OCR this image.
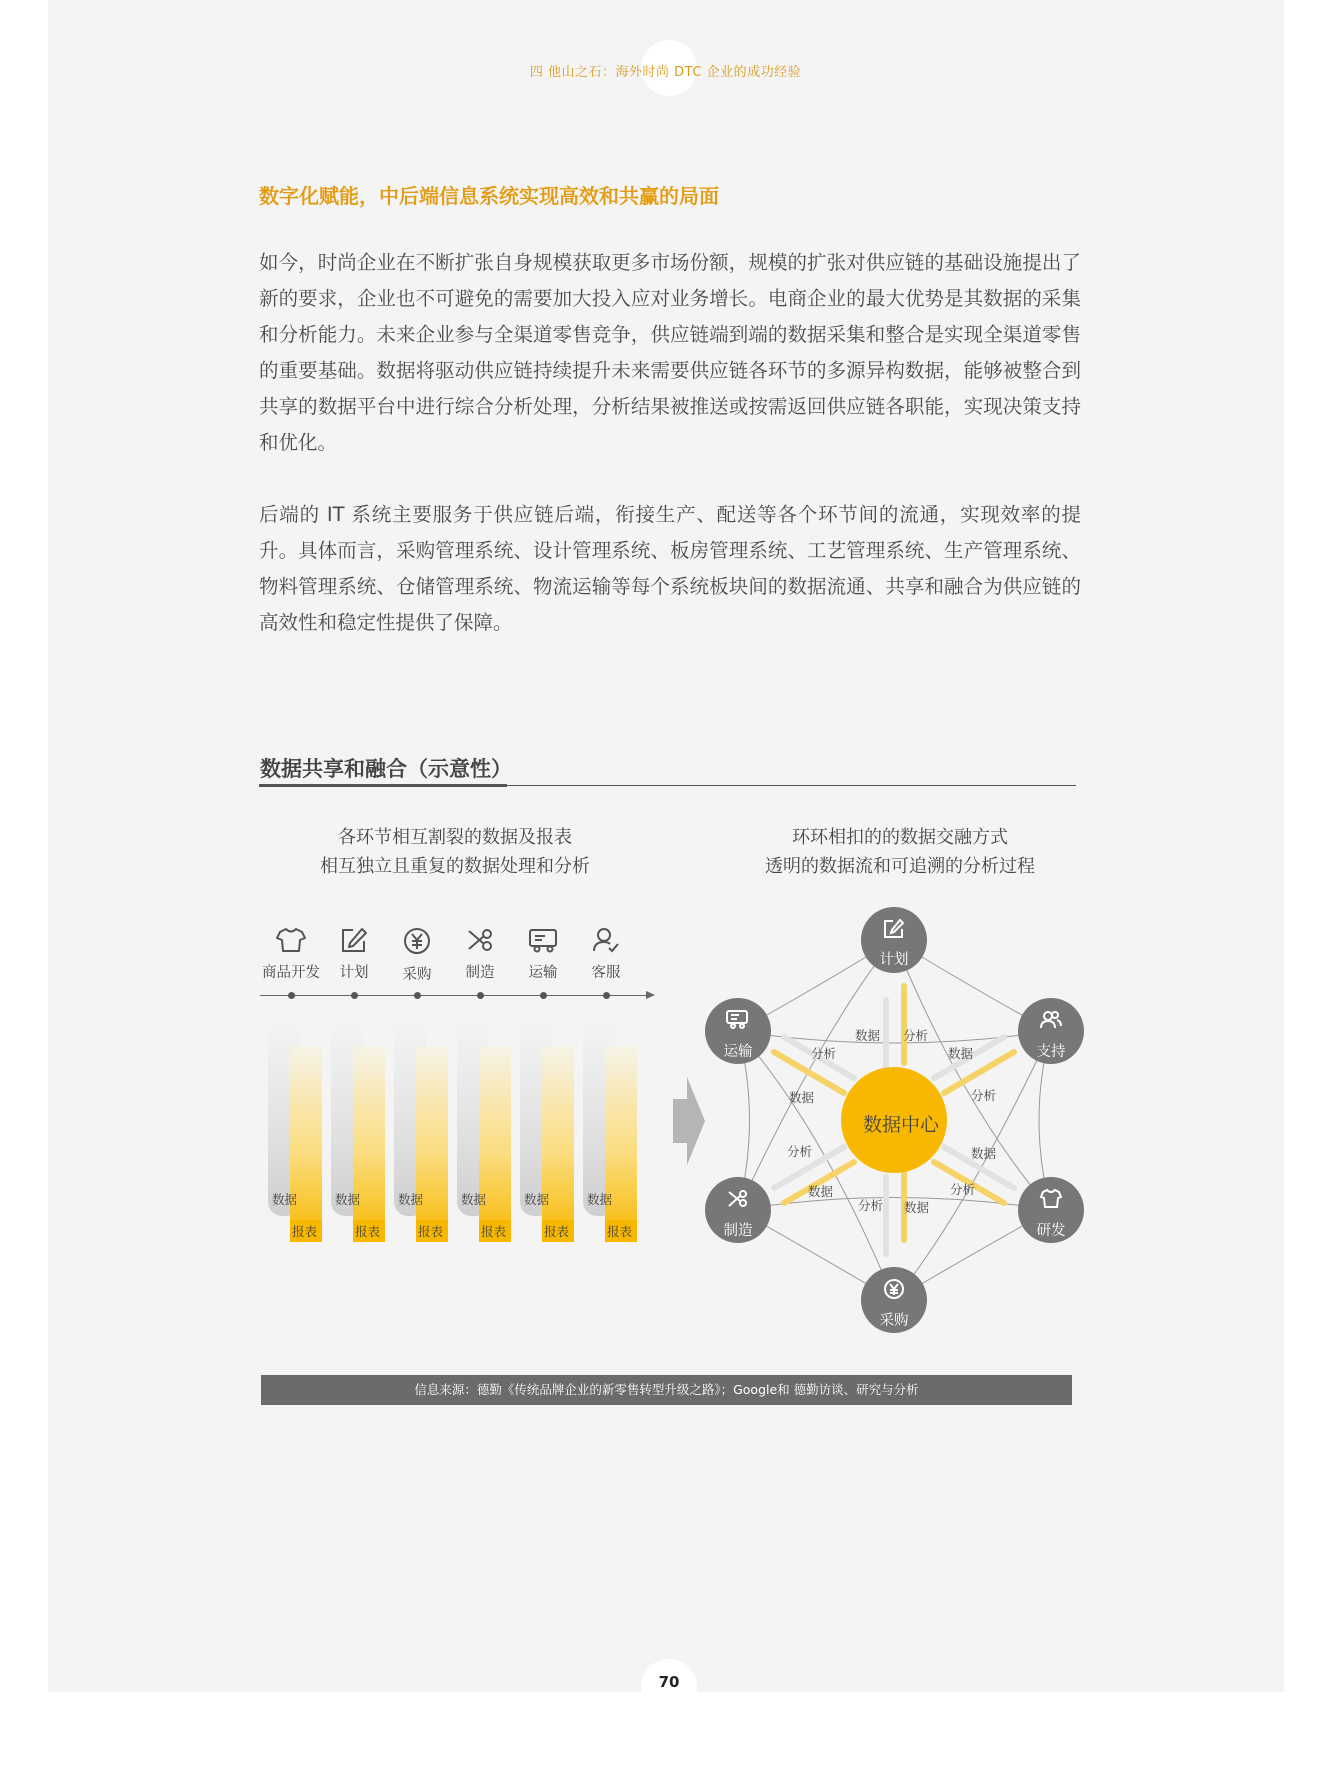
四 他山之石：海外时尚 DTC 企业的成功经验
数字化赋能，中后端信息系统实现高效和共赢的局面

如今，时尚企业在不断扩张自身规模获取更多市场份额，规模的扩张对供应链的基础设施提出了新的要求，企业也不可避免的需要加大投入应对业务增长。电商企业的最大优势是其数据的采集和分析能力。未来企业参与全渠道零售竞争，供应链端到端的数据采集和整合是实现全渠道零售的重要基础。数据将驱动供应链持续提升未来需要供应链各环节的多源异构数据，能够被整合到共享的数据平台中进行综合分析处理，分析结果被推送或按需返回供应链各职能，实现决策支持和优化。

后端的 IT 系统主要服务于供应链后端，衔接生产、配送等各个环节间的流通，实现效率的提升。具体而言，采购管理系统、设计管理系统、板房管理系统、工艺管理系统、生产管理系统、物料管理系统、仓储管理系统、物流运输等每个系统板块间的数据流通、共享和融合为供应链的高效性和稳定性提供了保障。

数据共享和融合（示意性）
各环节相互割裂的数据及报表
相互独立且重复的数据处理和分析
环环相扣的的数据交融方式
透明的数据流和可追溯的分析过程
商品开发	计划	采购	制造	运输	客服
数据
报表
数据
报表
数据
报表
数据
报表
数据
报表
数据
报表
计划
支持
研发
采购
制造
运输
数据中心
数据 分析
数据
分析
数据
分析
数据
分析
数据
分析
数据
分析
信息来源：德勤《传统品牌企业的新零售转型升级之路》；Google和 德勤访谈、研究与分析
70
